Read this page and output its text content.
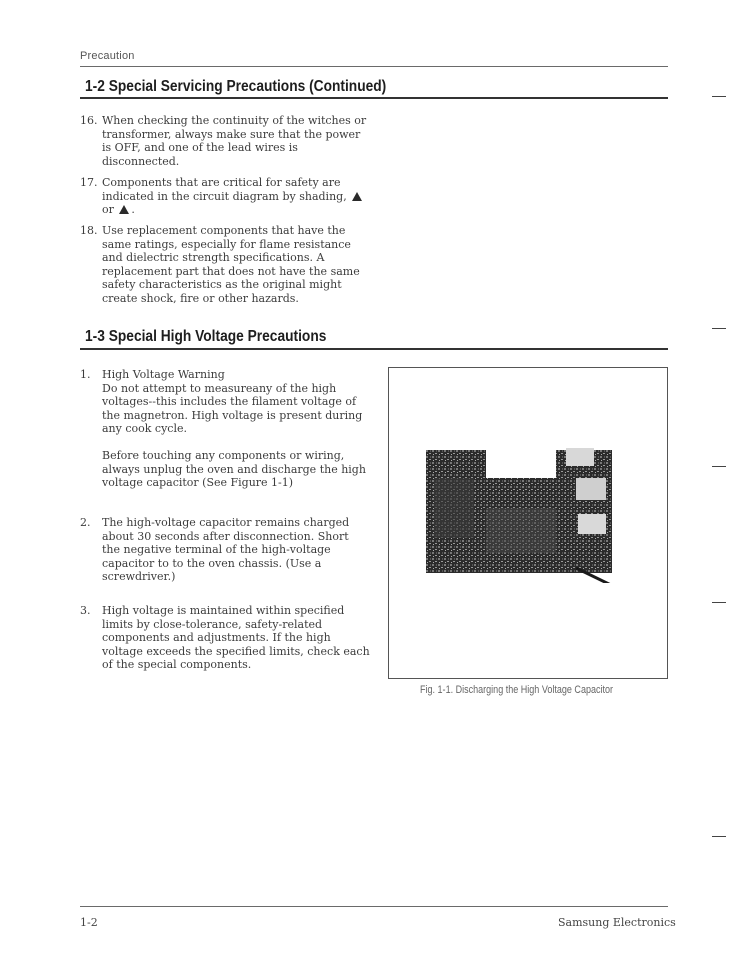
Precaution
1-2 Special Servicing Precautions (Continued)
16. When checking the continuity of the witches or transformer, always make sure that the power is OFF, and one of the lead wires is disconnected.

17. Components that are critical for safety are indicated in the circuit diagram by shading,  or .

18. Use replacement components that have the same ratings, especially for flame resistance and dielectric strength specifications. A replacement part that does not have the same safety characteristics as the original might create shock, fire or other hazards.

1-3 Special High Voltage Precautions
1. High Voltage Warning

Do not attempt to measureany of the high voltages--this includes the filament voltage of the magnetron. High voltage is present during any cook cycle.

Before touching any components or wiring, always unplug the oven and discharge the high voltage capacitor (See Figure 1-1)

2. The high-voltage capacitor remains charged about 30 seconds after disconnection. Short the negative terminal of the high-voltage capacitor to to the oven chassis. (Use a screwdriver.)

3. High voltage is maintained within specified limits by close-tolerance, safety-related components and adjustments. If the high voltage exceeds the specified limits, check each of the special components.

Fig. 1-1. Discharging the High Voltage Capacitor
1-2	Samsung Electronics
